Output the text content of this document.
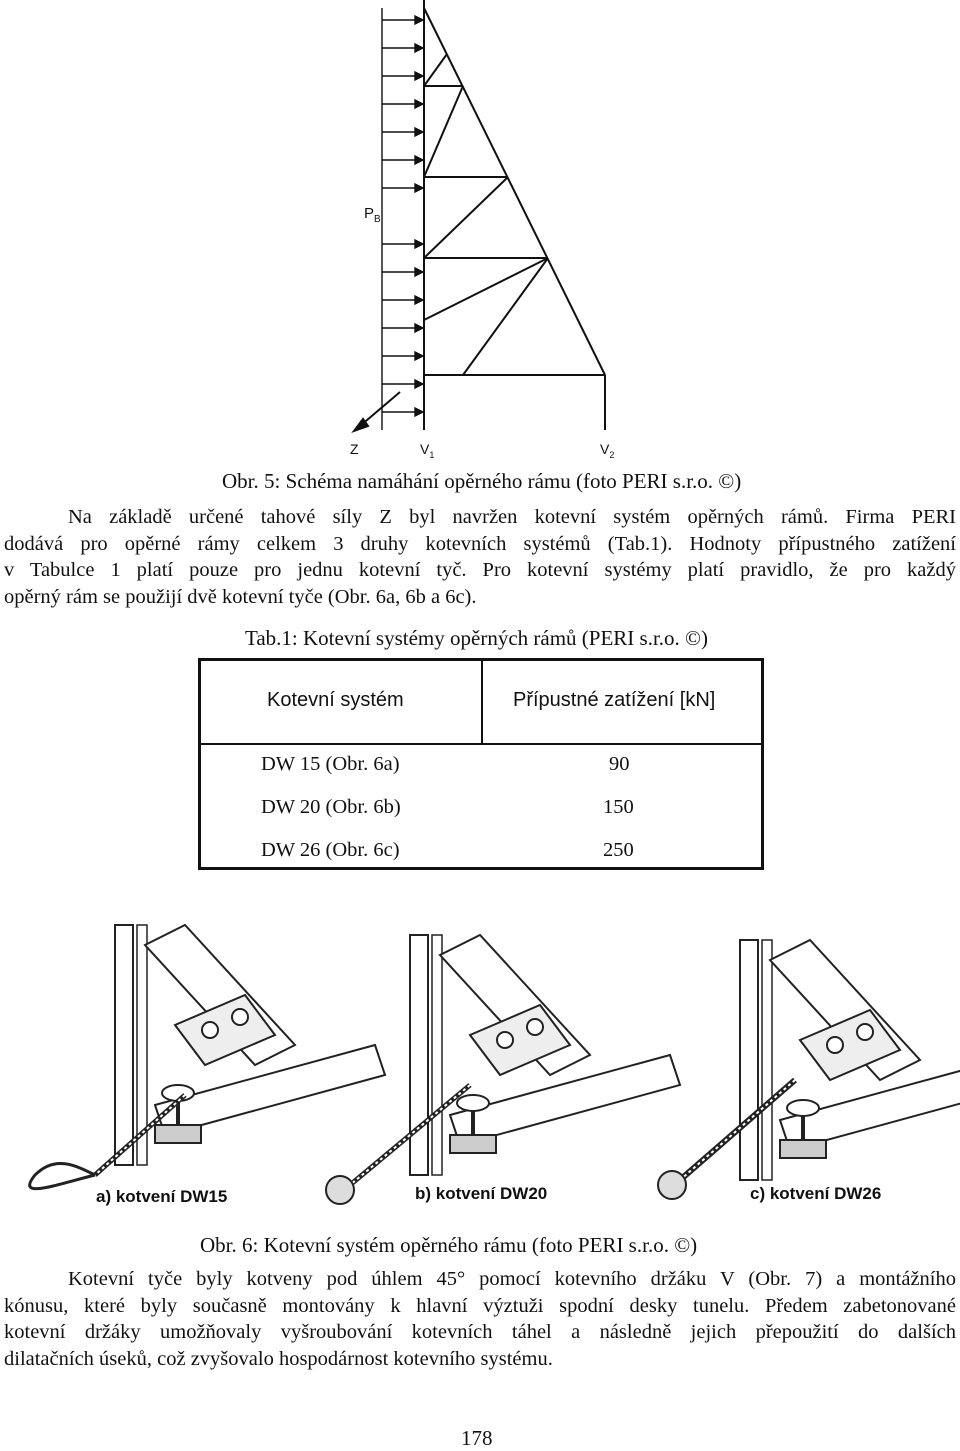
$P_B$
Z	$V_1$	$V_2$
Obr. 5: Schéma namáhání opěrného rámu (foto PERI s.r.o. ©)
Na základě určené tahové síly Z byl navržen kotevní systém opěrných rámů. Firma PERI
dodává pro opěrné rámy celkem 3 druhy kotevních systémů (Tab.1). Hodnoty přípustného zatížení
v Tabulce 1 platí pouze pro jednu kotevní tyč. Pro kotevní systémy platí pravidlo, že pro každý
opěrný rám se použijí dvě kotevní tyče (Obr. 6a, 6b a 6c).
Tab.1: Kotevní systémy opěrných rámů (PERI s.r.o. ©)
Kotevní systém	Přípustné zatížení [kN]
DW 15 (Obr. 6a)	90
DW 20 (Obr. 6b)	150
DW 26 (Obr. 6c)	250
a) kotvení DW15	b) kotvení DW20	c) kotvení DW26
Obr. 6: Kotevní systém opěrného rámu (foto PERI s.r.o. ©)
Kotevní tyče byly kotveny pod úhlem 45° pomocí kotevního držáku V (Obr. 7) a montážního
kónusu, které byly současně montovány k hlavní výztuži spodní desky tunelu. Předem zabetonované
kotevní držáky umožňovaly vyšroubování kotevních táhel a následně jejich přepoužití do dalších
dilatačních úseků, což zvyšovalo hospodárnost kotevního systému.
178
